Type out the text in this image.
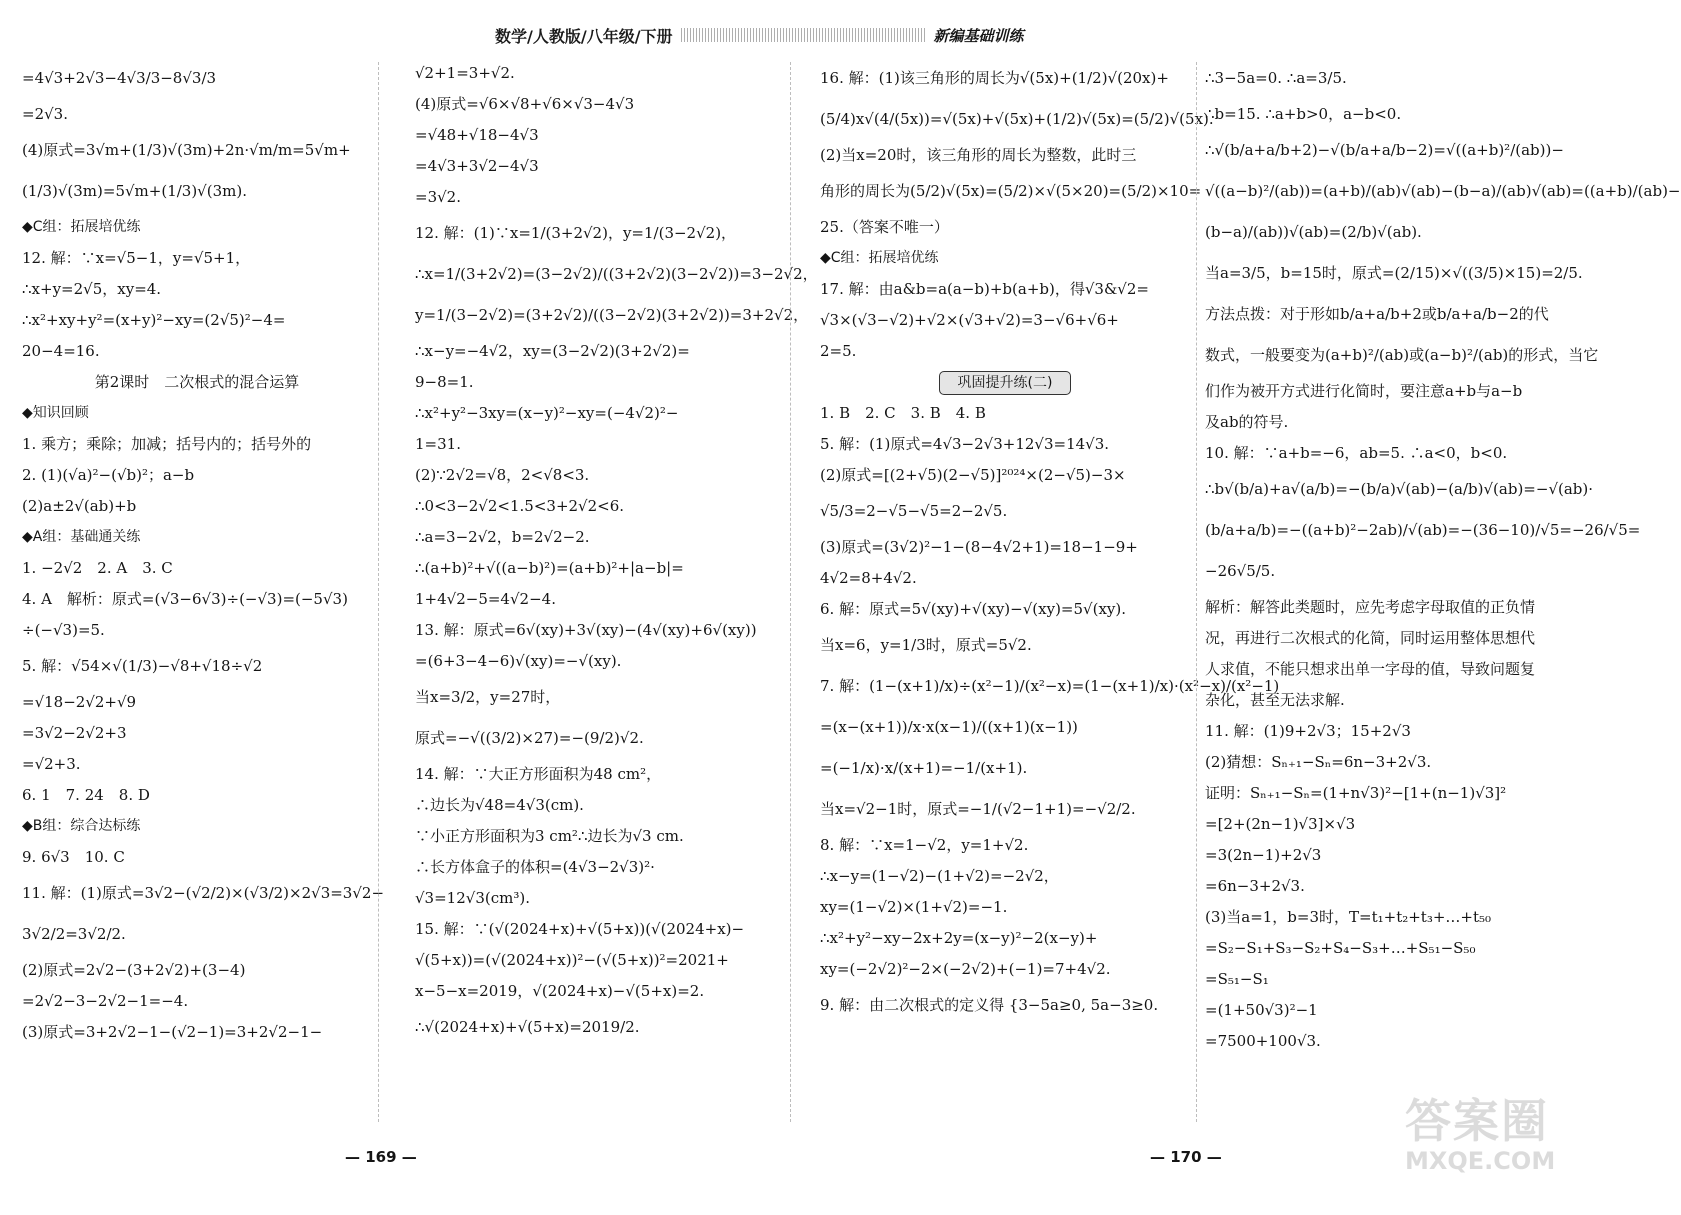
数学/人教版/八年级/下册	新编基础训练
=4√3+2√3−4√3/3−8√3/3
=2√3.
(4)原式=3√m+(1/3)√(3m)+2n·√m/m=5√m+
(1/3)√(3m)=5√m+(1/3)√(3m).
◆C组：拓展培优练
12. 解：∵x=√5−1，y=√5+1，
∴x+y=2√5，xy=4.
∴x²+xy+y²=(x+y)²−xy=(2√5)²−4=
20−4=16.
第2课时　二次根式的混合运算
◆知识回顾
1. 乘方；乘除；加减；括号内的；括号外的
2. (1)(√a)²−(√b)²；a−b
(2)a±2√(ab)+b
◆A组：基础通关练
1. −2√2　2. A　3. C
4. A　解析：原式=(√3−6√3)÷(−√3)=(−5√3)
÷(−√3)=5.
5. 解：√54×√(1/3)−√8+√18÷√2
=√18−2√2+√9
=3√2−2√2+3
=√2+3.
6. 1　7. 24　8. D
◆B组：综合达标练
9. 6√3　10. C
11. 解：(1)原式=3√2−(√2/2)×(√3/2)×2√3=3√2−
3√2/2=3√2/2.
(2)原式=2√2−(3+2√2)+(3−4)
=2√2−3−2√2−1=−4.
(3)原式=3+2√2−1−(√2−1)=3+2√2−1−
√2+1=3+√2.
(4)原式=√6×√8+√6×√3−4√3
=√48+√18−4√3
=4√3+3√2−4√3
=3√2.
12. 解：(1)∵x=1/(3+2√2)，y=1/(3−2√2)，
∴x=1/(3+2√2)=(3−2√2)/((3+2√2)(3−2√2))=3−2√2，
y=1/(3−2√2)=(3+2√2)/((3−2√2)(3+2√2))=3+2√2，
∴x−y=−4√2，xy=(3−2√2)(3+2√2)=
9−8=1.
∴x²+y²−3xy=(x−y)²−xy=(−4√2)²−
1=31.
(2)∵2√2=√8，2<√8<3.
∴0<3−2√2<1.5<3+2√2<6.
∴a=3−2√2，b=2√2−2.
∴(a+b)²+√((a−b)²)=(a+b)²+|a−b|=
1+4√2−5=4√2−4.
13. 解：原式=6√(xy)+3√(xy)−(4√(xy)+6√(xy))
=(6+3−4−6)√(xy)=−√(xy).
当x=3/2，y=27时，
原式=−√((3/2)×27)=−(9/2)√2.
14. 解：∵大正方形面积为48 cm²，
∴边长为√48=4√3(cm).
∵小正方形面积为3 cm²∴边长为√3 cm.
∴长方体盒子的体积=(4√3−2√3)²·
√3=12√3(cm³).
15. 解：∵(√(2024+x)+√(5+x))(√(2024+x)−
√(5+x))=(√(2024+x))²−(√(5+x))²=2021+
x−5−x=2019，√(2024+x)−√(5+x)=2.
∴√(2024+x)+√(5+x)=2019/2.
16. 解：(1)该三角形的周长为√(5x)+(1/2)√(20x)+
(5/4)x√(4/(5x))=√(5x)+√(5x)+(1/2)√(5x)=(5/2)√(5x).
(2)当x=20时，该三角形的周长为整数，此时三
角形的周长为(5/2)√(5x)=(5/2)×√(5×20)=(5/2)×10=
25.（答案不唯一）
◆C组：拓展培优练
17. 解：由a&b=a(a−b)+b(a+b)，得√3&√2=
√3×(√3−√2)+√2×(√3+√2)=3−√6+√6+
2=5.
巩固提升练(二)
1. B　2. C　3. B　4. B
5. 解：(1)原式=4√3−2√3+12√3=14√3.
(2)原式=[(2+√5)(2−√5)]²⁰²⁴×(2−√5)−3×
√5/3=2−√5−√5=2−2√5.
(3)原式=(3√2)²−1−(8−4√2+1)=18−1−9+
4√2=8+4√2.
6. 解：原式=5√(xy)+√(xy)−√(xy)=5√(xy).
当x=6，y=1/3时，原式=5√2.
7. 解：(1−(x+1)/x)÷(x²−1)/(x²−x)=(1−(x+1)/x)·(x²−x)/(x²−1)
=(x−(x+1))/x·x(x−1)/((x+1)(x−1))
=(−1/x)·x/(x+1)=−1/(x+1).
当x=√2−1时，原式=−1/(√2−1+1)=−√2/2.
8. 解：∵x=1−√2，y=1+√2.
∴x−y=(1−√2)−(1+√2)=−2√2，
xy=(1−√2)×(1+√2)=−1.
∴x²+y²−xy−2x+2y=(x−y)²−2(x−y)+
xy=(−2√2)²−2×(−2√2)+(−1)=7+4√2.
9. 解：由二次根式的定义得 {3−5a≥0, 5a−3≥0.
∴3−5a=0. ∴a=3/5.
∴b=15. ∴a+b>0，a−b<0.
∴√(b/a+a/b+2)−√(b/a+a/b−2)=√((a+b)²/(ab))−
√((a−b)²/(ab))=(a+b)/(ab)√(ab)−(b−a)/(ab)√(ab)=((a+b)/(ab)−
(b−a)/(ab))√(ab)=(2/b)√(ab).
当a=3/5，b=15时，原式=(2/15)×√((3/5)×15)=2/5.
方法点拨：对于形如b/a+a/b+2或b/a+a/b−2的代
数式，一般要变为(a+b)²/(ab)或(a−b)²/(ab)的形式，当它
们作为被开方式进行化简时，要注意a+b与a−b
及ab的符号.
10. 解：∵a+b=−6，ab=5. ∴a<0，b<0.
∴b√(b/a)+a√(a/b)=−(b/a)√(ab)−(a/b)√(ab)=−√(ab)·
(b/a+a/b)=−((a+b)²−2ab)/√(ab)=−(36−10)/√5=−26/√5=
−26√5/5.
解析：解答此类题时，应先考虑字母取值的正负情
况，再进行二次根式的化简，同时运用整体思想代
人求值，不能只想求出单一字母的值，导致问题复
杂化，甚至无法求解.
11. 解：(1)9+2√3；15+2√3
(2)猜想：Sₙ₊₁−Sₙ=6n−3+2√3.
证明：Sₙ₊₁−Sₙ=(1+n√3)²−[1+(n−1)√3]²
=[2+(2n−1)√3]×√3
=3(2n−1)+2√3
=6n−3+2√3.
(3)当a=1，b=3时，T=t₁+t₂+t₃+…+t₅₀
=S₂−S₁+S₃−S₂+S₄−S₃+…+S₅₁−S₅₀
=S₅₁−S₁
=(1+50√3)²−1
=7500+100√3.
— 169 —	— 170 —
答案圈
MXQE.COM
